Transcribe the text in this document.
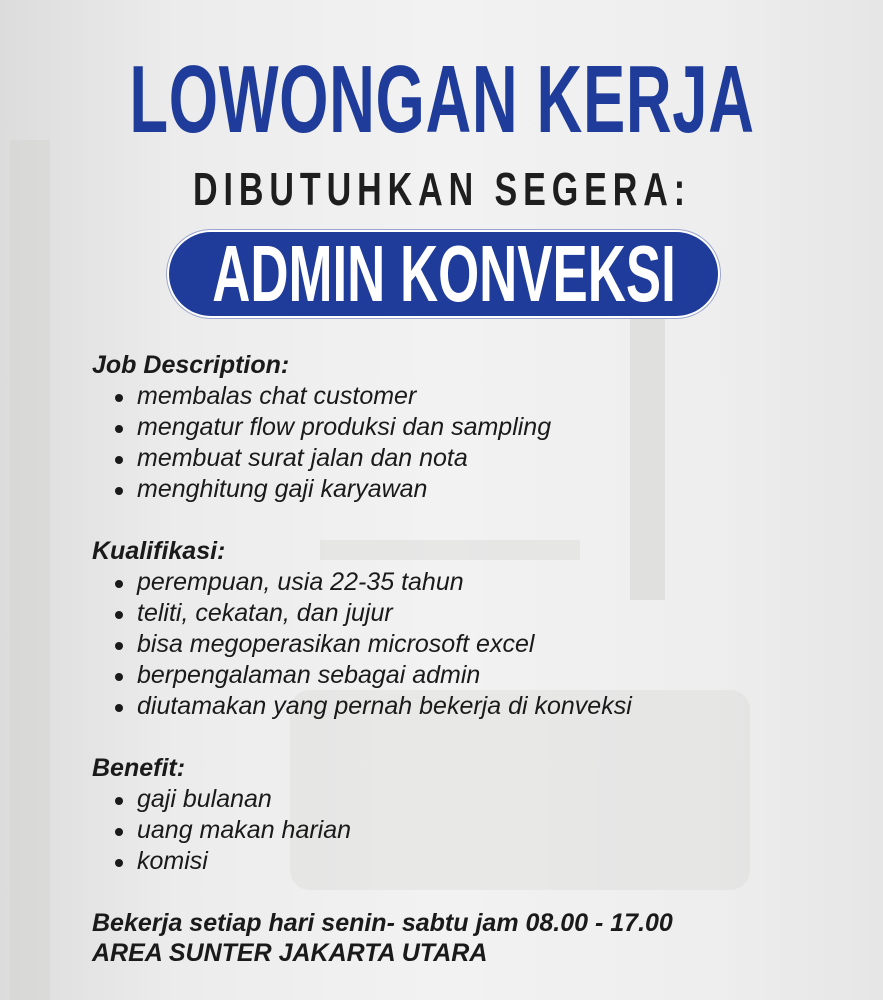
LOWONGAN KERJA
DIBUTUHKAN SEGERA:
ADMIN KONVEKSI
Job Description:
membalas chat customer
mengatur flow produksi dan sampling
membuat surat jalan dan nota
menghitung gaji karyawan
Kualifikasi:
perempuan, usia 22-35 tahun
teliti, cekatan, dan jujur
bisa megoperasikan microsoft excel
berpengalaman sebagai admin
diutamakan yang pernah bekerja di konveksi
Benefit:
gaji bulanan
uang makan harian
komisi
Bekerja setiap hari senin- sabtu jam 08.00 - 17.00
AREA SUNTER JAKARTA UTARA
